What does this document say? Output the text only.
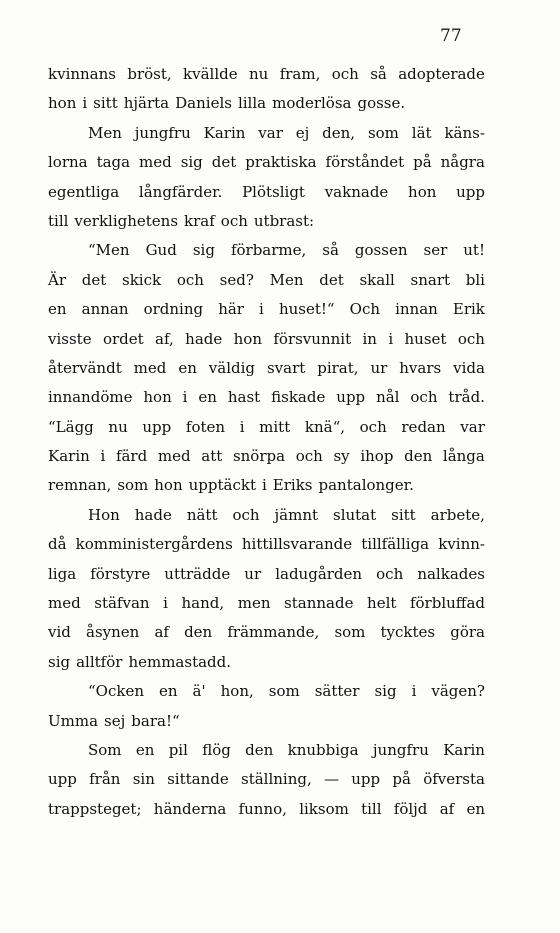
77
kvinnans bröst, kvällde nu fram, och så adopterade
hon i sitt hjärta Daniels lilla moderlösa gosse.
Men jungfru Karin var ej den, som lät käns-
lorna taga med sig det praktiska förståndet på några
egentliga långfärder. Plötsligt vaknade hon upp
till verklighetens kraf och utbrast:
“Men Gud sig förbarme, så gossen ser ut!
Är det skick och sed? Men det skall snart bli
en annan ordning här i huset!“ Och innan Erik
visste ordet af, hade hon försvunnit in i huset och
återvändt med en väldig svart pirat, ur hvars vida
innandöme hon i en hast fiskade upp nål och tråd.
“Lägg nu upp foten i mitt knä“, och redan var
Karin i färd med att snörpa och sy ihop den långa
remnan, som hon upptäckt i Eriks pantalonger.
Hon hade nätt och jämnt slutat sitt arbete,
då komministergårdens hittillsvarande tillfälliga kvinn-
liga förstyre utträdde ur ladugården och nalkades
med stäfvan i hand, men stannade helt förbluffad
vid åsynen af den främmande, som tycktes göra
sig alltför hemmastadd.
“Ocken en ä' hon, som sätter sig i vägen?
Umma sej bara!“
Som en pil flög den knubbiga jungfru Karin
upp från sin sittande ställning, — upp på öfversta
trappsteget; händerna funno, liksom till följd af en
